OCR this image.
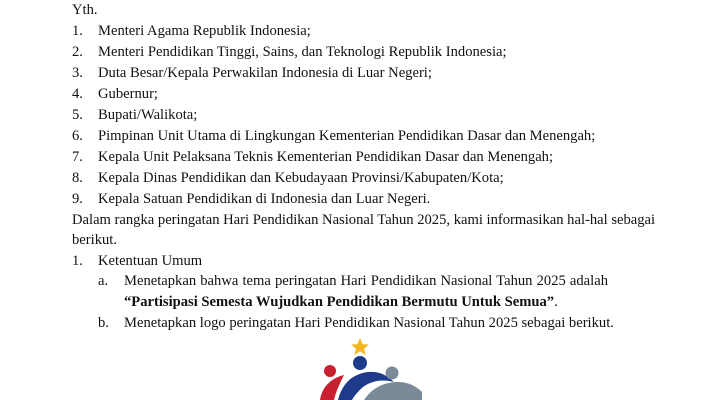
Yth.
1. Menteri Agama Republik Indonesia;
2. Menteri Pendidikan Tinggi, Sains, dan Teknologi Republik Indonesia;
3. Duta Besar/Kepala Perwakilan Indonesia di Luar Negeri;
4. Gubernur;
5. Bupati/Walikota;
6. Pimpinan Unit Utama di Lingkungan Kementerian Pendidikan Dasar dan Menengah;
7. Kepala Unit Pelaksana Teknis Kementerian Pendidikan Dasar dan Menengah;
8. Kepala Dinas Pendidikan dan Kebudayaan Provinsi/Kabupaten/Kota;
9. Kepala Satuan Pendidikan di Indonesia dan Luar Negeri.
Dalam rangka peringatan Hari Pendidikan Nasional Tahun 2025, kami informasikan hal-hal sebagai
berikut.
1. Ketentuan Umum
a. Menetapkan bahwa tema peringatan Hari Pendidikan Nasional Tahun 2025 adalah
“Partisipasi Semesta Wujudkan Pendidikan Bermutu Untuk Semua”.
b. Menetapkan logo peringatan Hari Pendidikan Nasional Tahun 2025 sebagai berikut.
